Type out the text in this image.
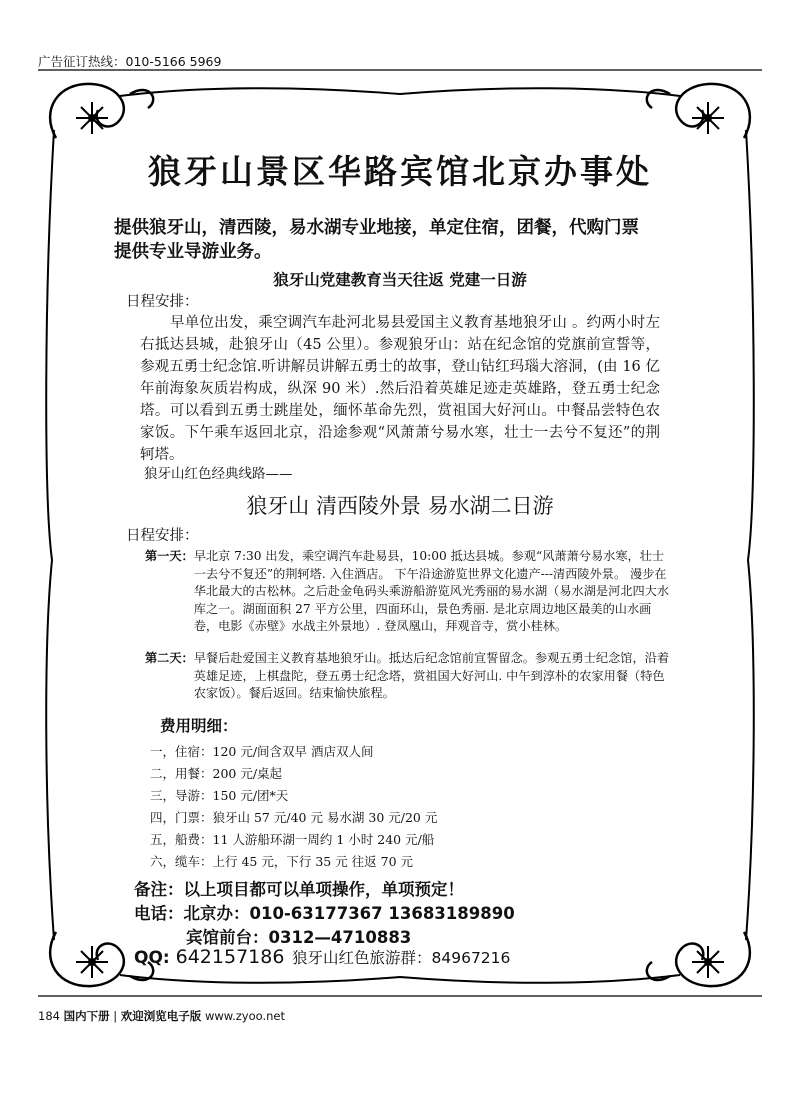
广告征订热线：010-5166 5969
狼牙山景区华路宾馆北京办事处
提供狼牙山，清西陵，易水湖专业地接，单定住宿，团餐，代购门票
提供专业导游业务。
狼牙山党建教育当天往返 党建一日游
日程安排：

早单位出发，乘空调汽车赴河北易县爱国主义教育基地狼牙山 。约两小时左右抵达县城，赴狼牙山（45 公里）。参观狼牙山：站在纪念馆的党旗前宣誓等，参观五勇士纪念馆.听讲解员讲解五勇士的故事，登山钻红玛瑙大溶洞，(由 16 亿年前海象灰质岩构成，纵深 90 米）.然后沿着英雄足迹走英雄路，登五勇士纪念塔。可以看到五勇士跳崖处，缅怀革命先烈，赏祖国大好河山。中餐品尝特色农家饭。下午乘车返回北京，沿途参观“风萧萧兮易水寒，壮士一去兮不复还”的荆轲塔。

狼牙山红色经典线路——
狼牙山 清西陵外景 易水湖二日游
日程安排：
第一天： 早北京 7:30 出发，乘空调汽车赴易县，10:00 抵达县城。参观“风萧萧兮易水寒，壮士一去兮不复还”的荆轲塔. 入住酒店。 下午沿途游览世界文化遗产---清西陵外景。 漫步在华北最大的古松林。之后赴金龟码头乘游船游览风光秀丽的易水湖（易水湖是河北四大水库之一。湖面面积 27 平方公里，四面环山，景色秀丽. 是北京周边地区最美的山水画卷，电影《赤壁》水战主外景地）. 登凤凰山，拜观音寺，赏小桂林。
第二天： 早餐后赴爱国主义教育基地狼牙山。抵达后纪念馆前宣誓留念。参观五勇士纪念馆，沿着英雄足迹，上棋盘陀，登五勇士纪念塔，赏祖国大好河山. 中午到淳朴的农家用餐（特色农家饭）。餐后返回。结束愉快旅程。
费用明细：
一，住宿：120 元/间含双早 酒店双人间
二，用餐：200 元/桌起
三，导游：150 元/团*天
四，门票：狼牙山 57 元/40 元 易水湖 30 元/20 元
五，船费：11 人游船环湖一周约 1 小时 240 元/船
六，缆车：上行 45 元，下行 35 元 往返 70 元
备注：以上项目都可以单项操作，单项预定！
电话：北京办：010-63177367 13683189890
宾馆前台：0312—4710883
QQ: 642157186 狼牙山红色旅游群：84967216
184 国内下册 | 欢迎浏览电子版 www.zyoo.net
